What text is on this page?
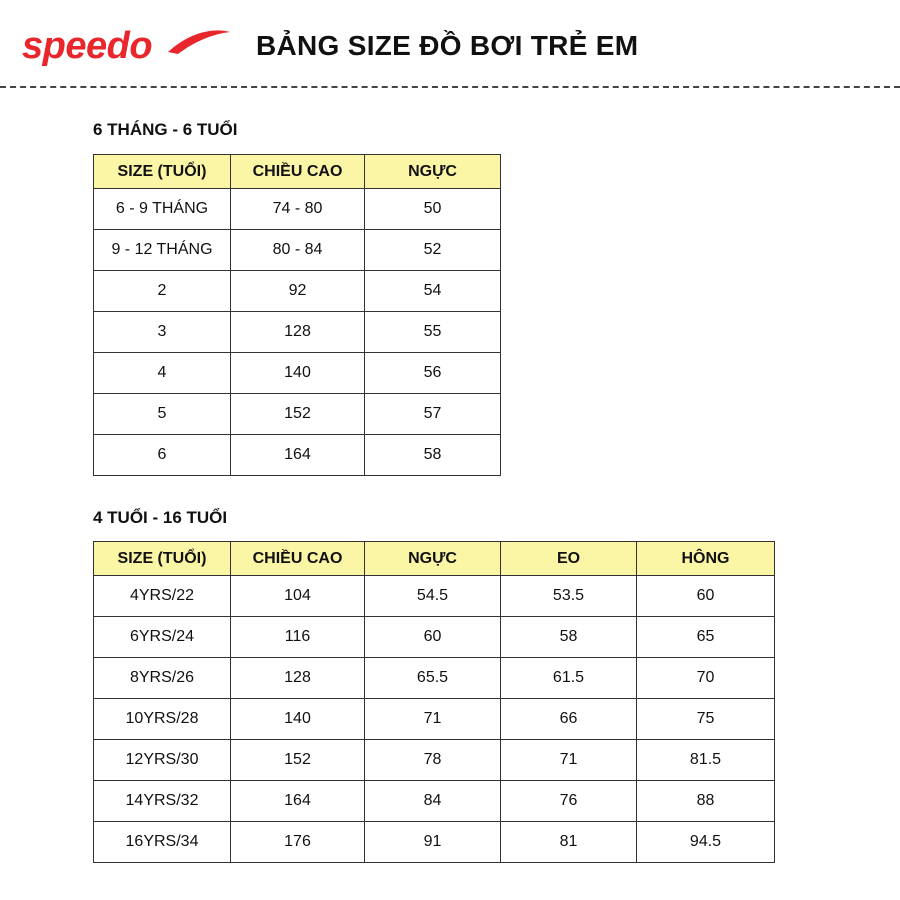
speedo	BẢNG SIZE ĐỒ BƠI TRẺ EM
6 THÁNG - 6 TUỔI
SIZE (TUỔI)	CHIỀU CAO	NGỰC
6 - 9 THÁNG	74 - 80	50
9 - 12 THÁNG	80 - 84	52
2	92	54
3	128	55
4	140	56
5	152	57
6	164	58
4 TUỔI - 16 TUỔI
SIZE (TUỔI)	CHIỀU CAO	NGỰC	EO	HÔNG
4YRS/22	104	54.5	53.5	60
6YRS/24	116	60	58	65
8YRS/26	128	65.5	61.5	70
10YRS/28	140	71	66	75
12YRS/30	152	78	71	81.5
14YRS/32	164	84	76	88
16YRS/34	176	91	81	94.5
